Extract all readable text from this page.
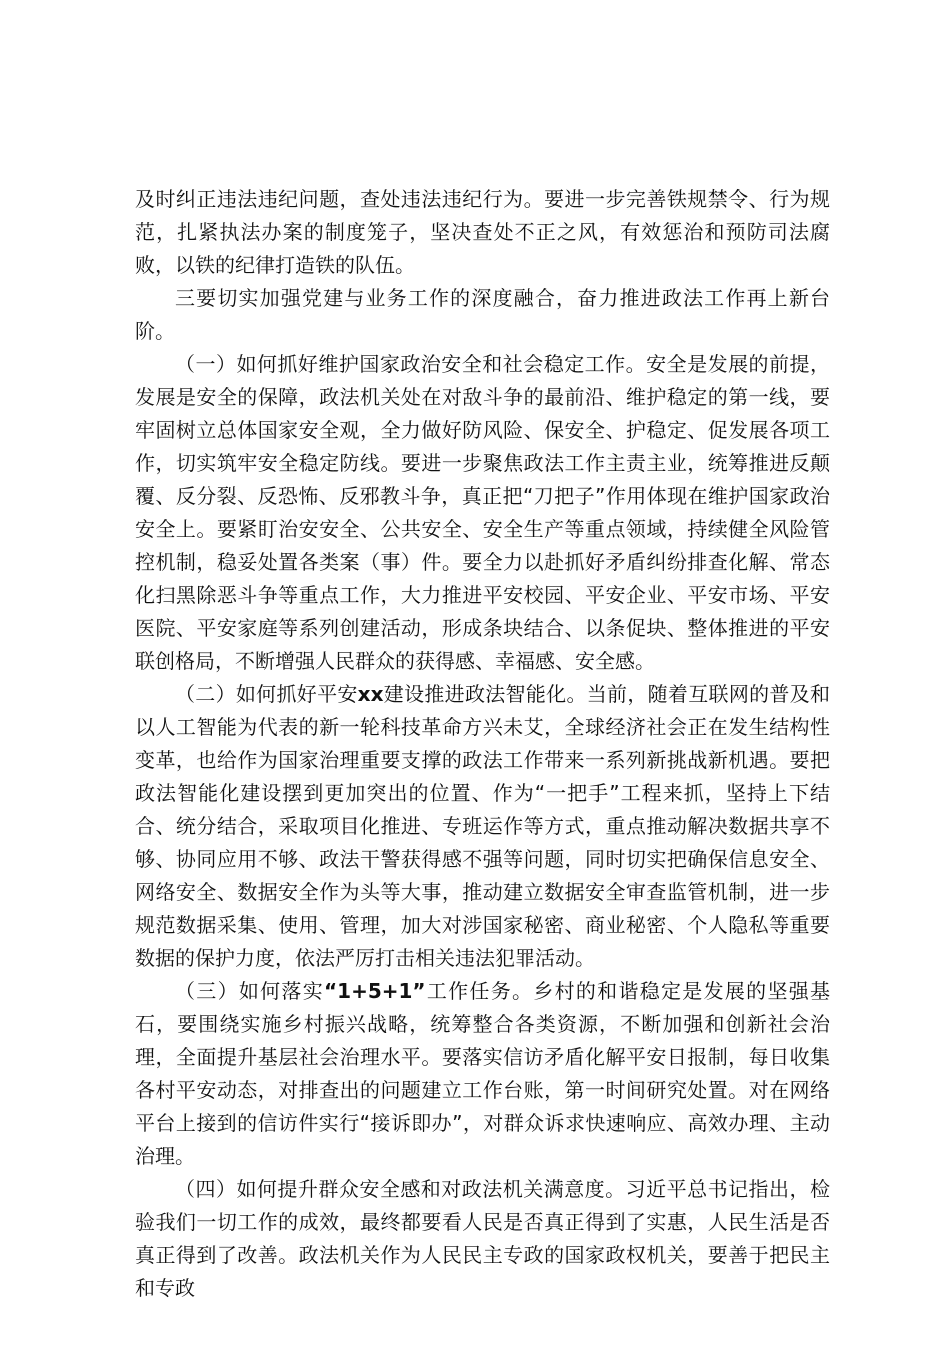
及时纠正违法违纪问题，查处违法违纪行为。要进一步完善铁规禁令、行为规范，扎紧执法办案的制度笼子，坚决查处不正之风，有效惩治和预防司法腐败，以铁的纪律打造铁的队伍。

三要切实加强党建与业务工作的深度融合，奋力推进政法工作再上新台阶。

（一）如何抓好维护国家政治安全和社会稳定工作。安全是发展的前提，发展是安全的保障，政法机关处在对敌斗争的最前沿、维护稳定的第一线，要牢固树立总体国家安全观，全力做好防风险、保安全、护稳定、促发展各项工作，切实筑牢安全稳定防线。要进一步聚焦政法工作主责主业，统筹推进反颠覆、反分裂、反恐怖、反邪教斗争，真正把“刀把子”作用体现在维护国家政治安全上。要紧盯治安安全、公共安全、安全生产等重点领域，持续健全风险管控机制，稳妥处置各类案（事）件。要全力以赴抓好矛盾纠纷排查化解、常态化扫黑除恶斗争等重点工作，大力推进平安校园、平安企业、平安市场、平安医院、平安家庭等系列创建活动，形成条块结合、以条促块、整体推进的平安联创格局，不断增强人民群众的获得感、幸福感、安全感。

（二）如何抓好平安xx建设推进政法智能化。当前，随着互联网的普及和以人工智能为代表的新一轮科技革命方兴未艾，全球经济社会正在发生结构性变革，也给作为国家治理重要支撑的政法工作带来一系列新挑战新机遇。要把政法智能化建设摆到更加突出的位置、作为“一把手”工程来抓，坚持上下结合、统分结合，采取项目化推进、专班运作等方式，重点推动解决数据共享不够、协同应用不够、政法干警获得感不强等问题，同时切实把确保信息安全、网络安全、数据安全作为头等大事，推动建立数据安全审查监管机制，进一步规范数据采集、使用、管理，加大对涉国家秘密、商业秘密、个人隐私等重要数据的保护力度，依法严厉打击相关违法犯罪活动。

（三）如何落实“1+5+1”工作任务。乡村的和谐稳定是发展的坚强基石，要围绕实施乡村振兴战略，统筹整合各类资源，不断加强和创新社会治理，全面提升基层社会治理水平。要落实信访矛盾化解平安日报制，每日收集各村平安动态，对排查出的问题建立工作台账，第一时间研究处置。对在网络平台上接到的信访件实行“接诉即办”，对群众诉求快速响应、高效办理、主动治理。

（四）如何提升群众安全感和对政法机关满意度。习近平总书记指出，检验我们一切工作的成效，最终都要看人民是否真正得到了实惠，人民生活是否真正得到了改善。政法机关作为人民民主专政的国家政权机关，要善于把民主和专政
